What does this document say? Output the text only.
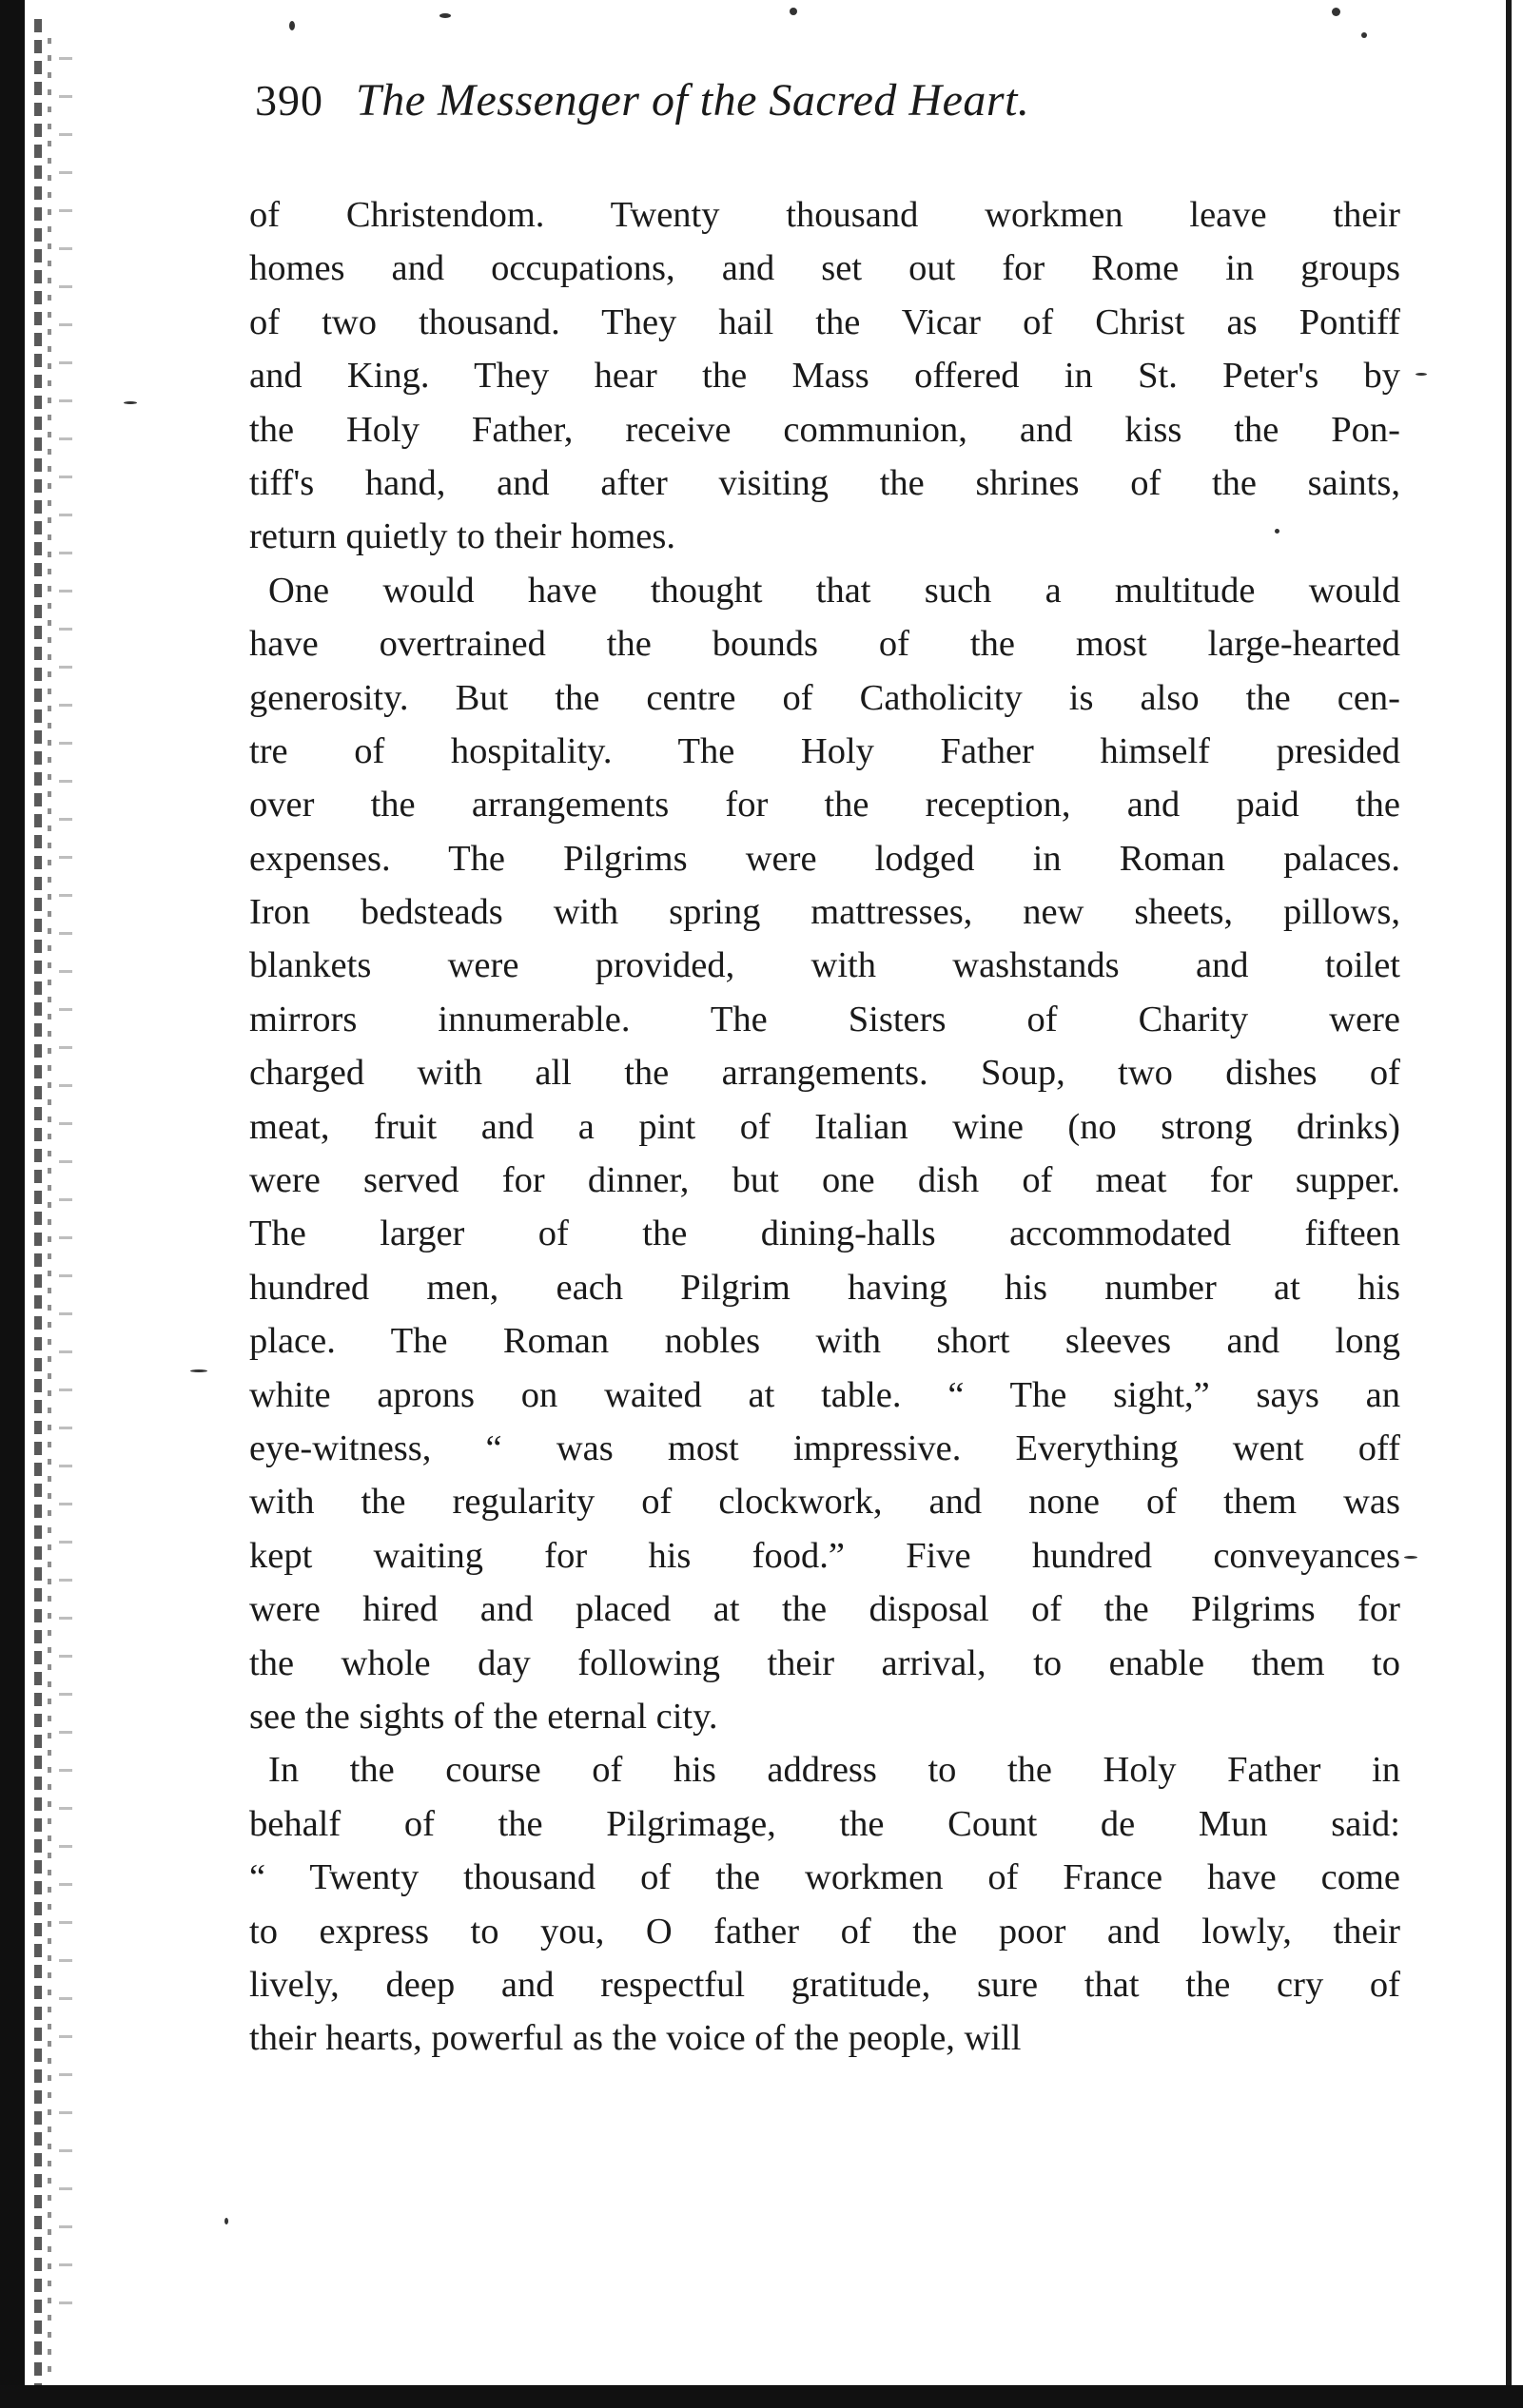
390 The Messenger of the Sacred Heart.
of Christendom. Twenty thousand workmen leave their
homes and occupations, and set out for Rome in groups
of two thousand. They hail the Vicar of Christ as Pontiff
and King. They hear the Mass offered in St. Peter's by
the Holy Father, receive communion, and kiss the Pon-
tiff's hand, and after visiting the shrines of the saints,
return quietly to their homes.
One would have thought that such a multitude would
have overtrained the bounds of the most large-hearted
generosity. But the centre of Catholicity is also the cen-
tre of hospitality. The Holy Father himself presided
over the arrangements for the reception, and paid the
expenses. The Pilgrims were lodged in Roman palaces.
Iron bedsteads with spring mattresses, new sheets, pillows,
blankets were provided, with washstands and toilet
mirrors innumerable. The Sisters of Charity were
charged with all the arrangements. Soup, two dishes of
meat, fruit and a pint of Italian wine (no strong drinks)
were served for dinner, but one dish of meat for supper.
The larger of the dining-halls accommodated fifteen
hundred men, each Pilgrim having his number at his
place. The Roman nobles with short sleeves and long
white aprons on waited at table. “ The sight,” says an
eye-witness, “ was most impressive. Everything went off
with the regularity of clockwork, and none of them was
kept waiting for his food.” Five hundred conveyances
were hired and placed at the disposal of the Pilgrims for
the whole day following their arrival, to enable them to
see the sights of the eternal city.
In the course of his address to the Holy Father in
behalf of the Pilgrimage, the Count de Mun said:
“ Twenty thousand of the workmen of France have come
to express to you, O father of the poor and lowly, their
lively, deep and respectful gratitude, sure that the cry of
their hearts, powerful as the voice of the people, will
